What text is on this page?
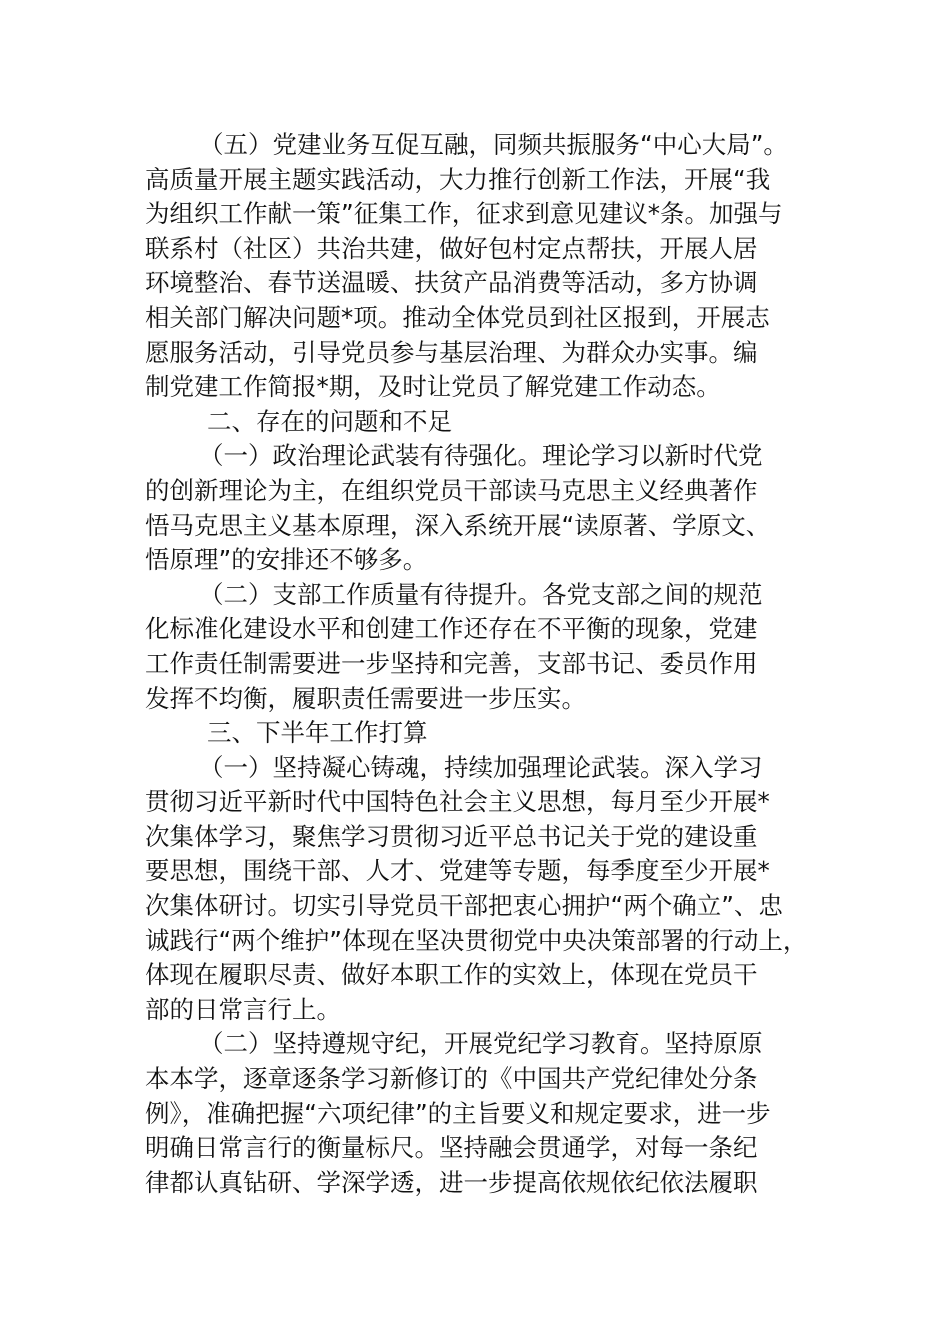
（五）党建业务互促互融，同频共振服务“中心大局”。

高质量开展主题实践活动，大力推行创新工作法，开展“我

为组织工作献一策”征集工作，征求到意见建议*条。加强与

联系村（社区）共治共建，做好包村定点帮扶，开展人居

环境整治、春节送温暖、扶贫产品消费等活动，多方协调

相关部门解决问题*项。推动全体党员到社区报到，开展志

愿服务活动，引导党员参与基层治理、为群众办实事。编

制党建工作简报*期，及时让党员了解党建工作动态。

二、存在的问题和不足

（一）政治理论武装有待强化。理论学习以新时代党

的创新理论为主，在组织党员干部读马克思主义经典著作

悟马克思主义基本原理，深入系统开展“读原著、学原文、

悟原理”的安排还不够多。

（二）支部工作质量有待提升。各党支部之间的规范

化标准化建设水平和创建工作还存在不平衡的现象，党建

工作责任制需要进一步坚持和完善，支部书记、委员作用

发挥不均衡，履职责任需要进一步压实。

三、下半年工作打算

（一）坚持凝心铸魂，持续加强理论武装。深入学习

贯彻习近平新时代中国特色社会主义思想，每月至少开展*

次集体学习，聚焦学习贯彻习近平总书记关于党的建设重

要思想，围绕干部、人才、党建等专题，每季度至少开展*

次集体研讨。切实引导党员干部把衷心拥护“两个确立”、忠

诚践行“两个维护”体现在坚决贯彻党中央决策部署的行动上，

体现在履职尽责、做好本职工作的实效上，体现在党员干

部的日常言行上。

（二）坚持遵规守纪，开展党纪学习教育。坚持原原

本本学，逐章逐条学习新修订的《中国共产党纪律处分条

例》，准确把握“六项纪律”的主旨要义和规定要求，进一步

明确日常言行的衡量标尺。坚持融会贯通学，对每一条纪

律都认真钻研、学深学透，进一步提高依规依纪依法履职
